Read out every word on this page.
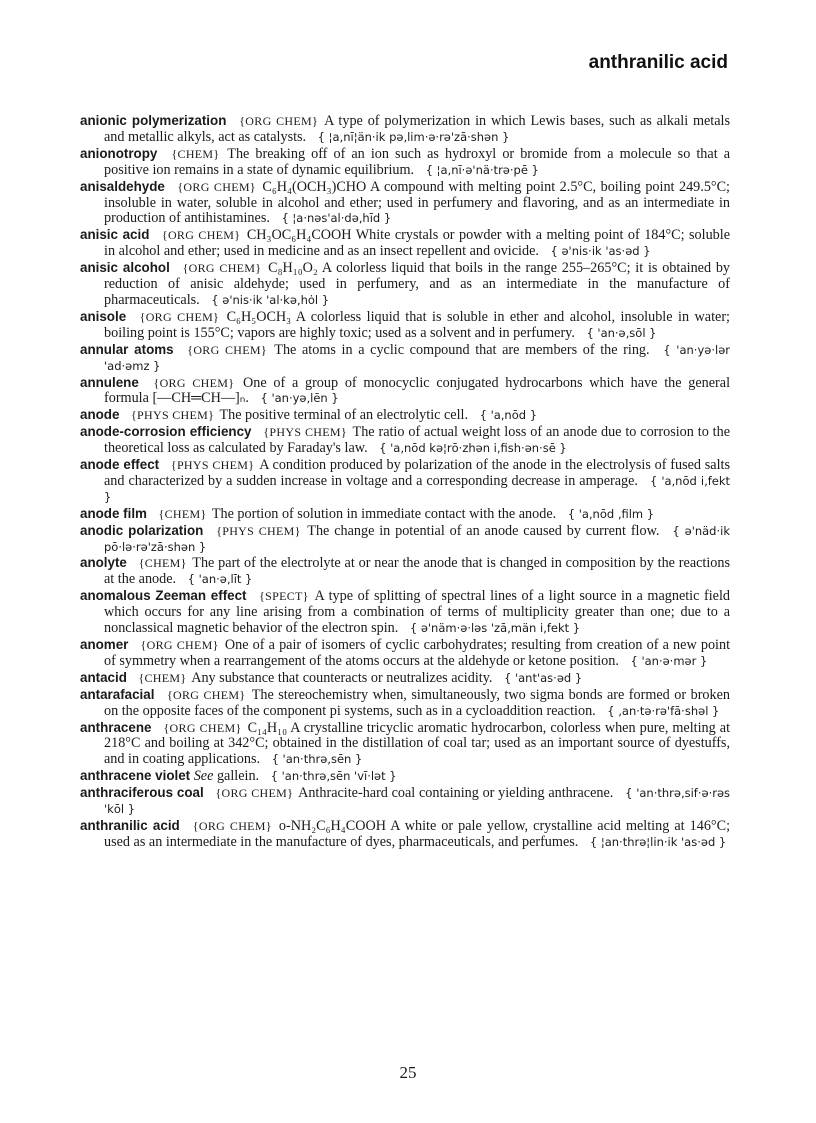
anthranilic acid

anionic polymerization {ORG CHEM} A type of polymerization in which Lewis bases, such as alkali metals and metallic alkyls, act as catalysts. { ¦a‚nī¦än·ik pə‚lim·ə·rə'zā·shən }

anionotropy {CHEM} The breaking off of an ion such as hydroxyl or bromide from a molecule so that a positive ion remains in a state of dynamic equilibrium. { ¦a‚nī·ə'nä·trə·pē }

anisaldehyde {ORG CHEM} C₆H₄(OCH₃)CHO A compound with melting point 2.5°C, boiling point 249.5°C; insoluble in water, soluble in alcohol and ether; used in perfumery and flavoring, and as an intermediate in production of antihistamines. { ¦a·nəs'al·də‚hīd }

anisic acid {ORG CHEM} CH₃OC₆H₄COOH White crystals or powder with a melting point of 184°C; soluble in alcohol and ether; used in medicine and as an insect repellent and ovicide. { ə'nis·ik 'as·əd }

anisic alcohol {ORG CHEM} C₈H₁₀O₂ A colorless liquid that boils in the range 255–265°C; it is obtained by reduction of anisic aldehyde; used in perfumery, and as an intermediate in the manufacture of pharmaceuticals. { ə'nis·ik 'al·kə‚hȯl }

anisole {ORG CHEM} C₆H₅OCH₃ A colorless liquid that is soluble in ether and alcohol, insoluble in water; boiling point is 155°C; vapors are highly toxic; used as a solvent and in perfumery. { 'an·ə‚sōl }

annular atoms {ORG CHEM} The atoms in a cyclic compound that are members of the ring. { 'an·yə·lər 'ad·əmz }

annulene {ORG CHEM} One of a group of monocyclic conjugated hydrocarbons which have the general formula [—CH═CH—]ₙ. { 'an·yə‚lēn }

anode {PHYS CHEM} The positive terminal of an electrolytic cell. { 'a‚nōd }

anode-corrosion efficiency {PHYS CHEM} The ratio of actual weight loss of an anode due to corrosion to the theoretical loss as calculated by Faraday's law. { 'a‚nōd kə¦rō·zhən i‚fish·ən·sē }

anode effect {PHYS CHEM} A condition produced by polarization of the anode in the electrolysis of fused salts and characterized by a sudden increase in voltage and a corresponding decrease in amperage. { 'a‚nōd i‚fekt }

anode film {CHEM} The portion of solution in immediate contact with the anode. { 'a‚nōd ‚film }

anodic polarization {PHYS CHEM} The change in potential of an anode caused by current flow. { ə'näd·ik pō·lə·rə'zā·shən }

anolyte {CHEM} The part of the electrolyte at or near the anode that is changed in composition by the reactions at the anode. { 'an·ə‚līt }

anomalous Zeeman effect {SPECT} A type of splitting of spectral lines of a light source in a magnetic field which occurs for any line arising from a combination of terms of multiplicity greater than one; due to a nonclassical magnetic behavior of the electron spin. { ə'näm·ə·ləs 'zā‚män i‚fekt }

anomer {ORG CHEM} One of a pair of isomers of cyclic carbohydrates; resulting from creation of a new point of symmetry when a rearrangement of the atoms occurs at the aldehyde or ketone position. { 'an·ə·mər }

antacid {CHEM} Any substance that counteracts or neutralizes acidity. { 'ant'as·əd }

antarafacial {ORG CHEM} The stereochemistry when, simultaneously, two sigma bonds are formed or broken on the opposite faces of the component pi systems, such as in a cycloaddition reaction. { ‚an·tə·rə'fā·shəl }

anthracene {ORG CHEM} C₁₄H₁₀ A crystalline tricyclic aromatic hydrocarbon, colorless when pure, melting at 218°C and boiling at 342°C; obtained in the distillation of coal tar; used as an important source of dyestuffs, and in coating applications. { 'an·thrə‚sēn }

anthracene violet See gallein. { 'an·thrə‚sēn 'vī·lət }

anthraciferous coal {ORG CHEM} Anthracite-hard coal containing or yielding anthracene. { 'an·thrə‚sif·ə·rəs 'kōl }

anthranilic acid {ORG CHEM} o-NH₂C₆H₄COOH A white or pale yellow, crystalline acid melting at 146°C; used as an intermediate in the manufacture of dyes, pharmaceuticals, and perfumes. { ¦an·thrə¦lin·ik 'as·əd }

25
